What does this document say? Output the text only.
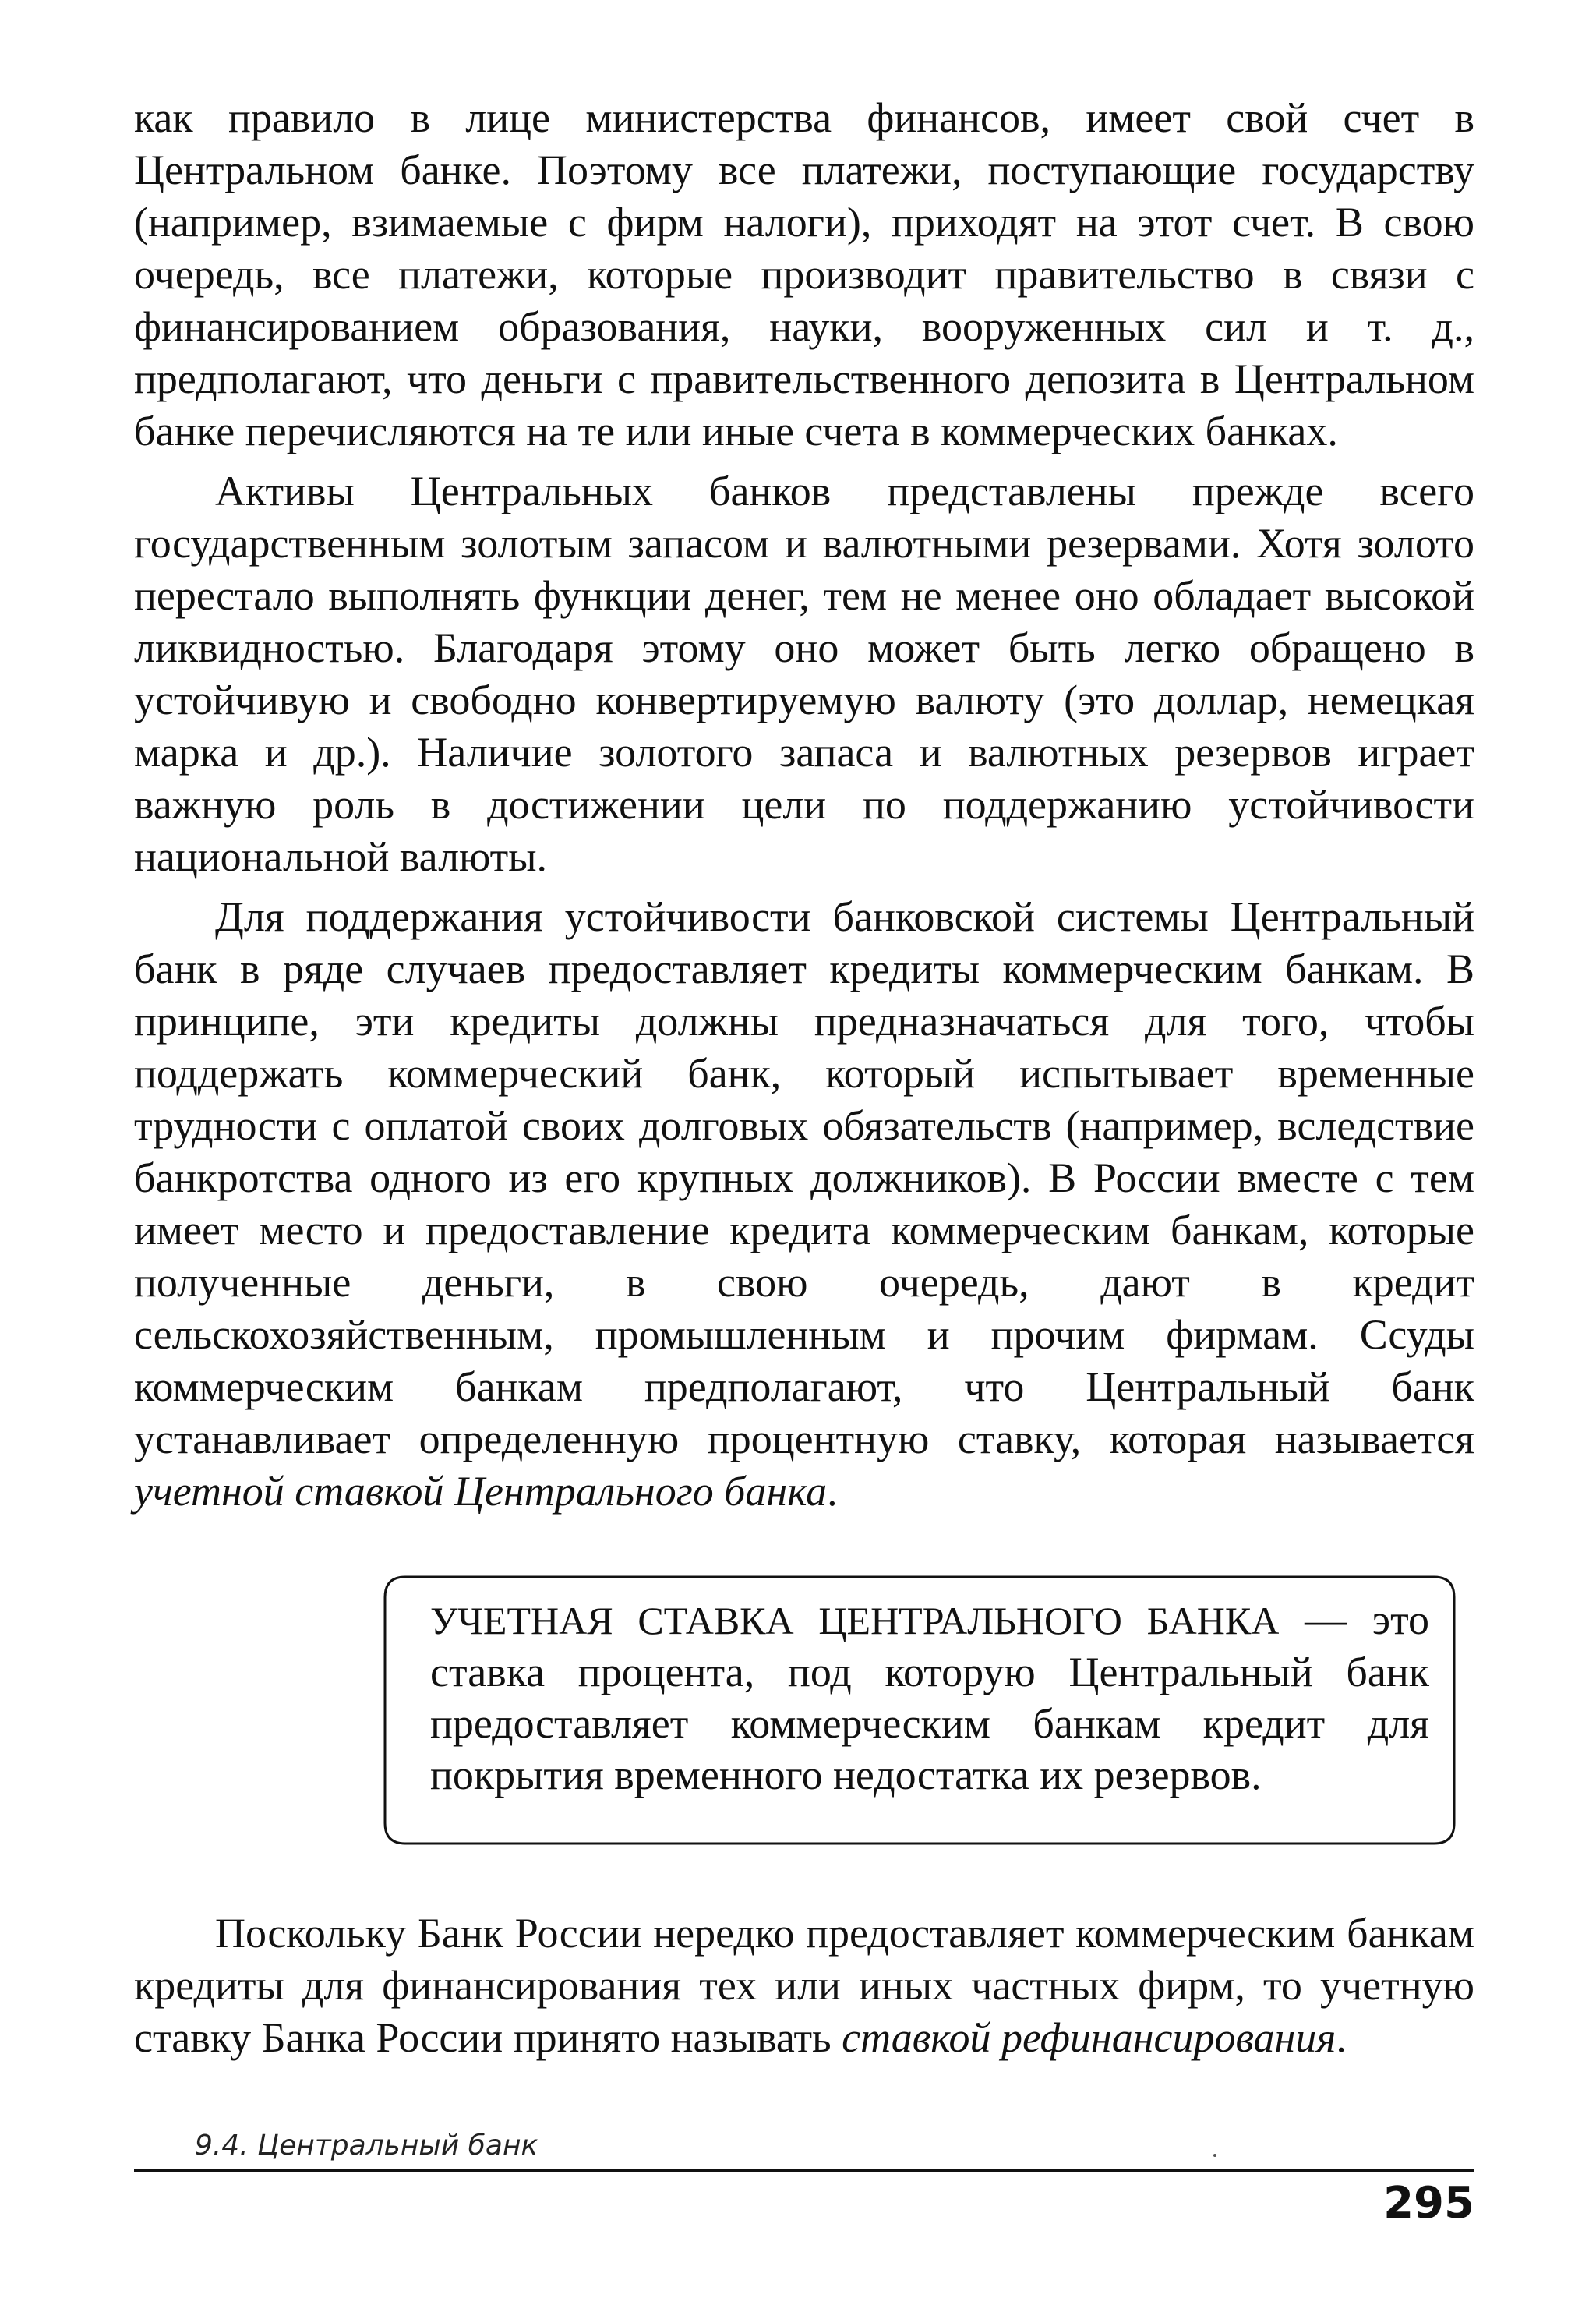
как правило в лице министерства финансов, имеет свой счет в Центральном банке. Поэтому все платежи, поступающие государству (например, взимаемые с фирм налоги), приходят на этот счет. В свою очередь, все платежи, которые производит правительство в связи с финансированием образования, науки, вооруженных сил и т. д., предполагают, что деньги с правительственного депозита в Центральном банке перечисляются на те или иные счета в коммерческих банках.

Активы Центральных банков представлены прежде всего государственным золотым запасом и валютными резервами. Хотя золото перестало выполнять функции денег, тем не менее оно обладает высокой ликвидностью. Благодаря этому оно может быть легко обращено в устойчивую и свободно конвертируемую валюту (это доллар, немецкая марка и др.). Наличие золотого запаса и валютных резервов играет важную роль в достижении цели по поддержанию устойчивости национальной валюты.

Для поддержания устойчивости банковской системы Центральный банк в ряде случаев предоставляет кредиты коммерческим банкам. В принципе, эти кредиты должны предназначаться для того, чтобы поддержать коммерческий банк, который испытывает временные трудности с оплатой своих долговых обязательств (например, вследствие банкротства одного из его крупных должников). В России вместе с тем имеет место и предоставление кредита коммерческим банкам, которые полученные деньги, в свою очередь, дают в кредит сельскохозяйственным, промышленным и прочим фирмам. Ссуды коммерческим банкам предполагают, что Центральный банк устанавливает определенную процентную ставку, которая называется учетной ставкой Центрального банка.

УЧЕТНАЯ СТАВКА ЦЕНТРАЛЬНОГО БАНКА — это ставка процента, под которую Центральный банк предоставляет коммерческим банкам кредит для покрытия временного недостатка их резервов.

Поскольку Банк России нередко предоставляет коммерческим банкам кредиты для финансирования тех или иных частных фирм, то учетную ставку Банка России принято называть ставкой рефинансирования.

9.4. Центральный банк
295
